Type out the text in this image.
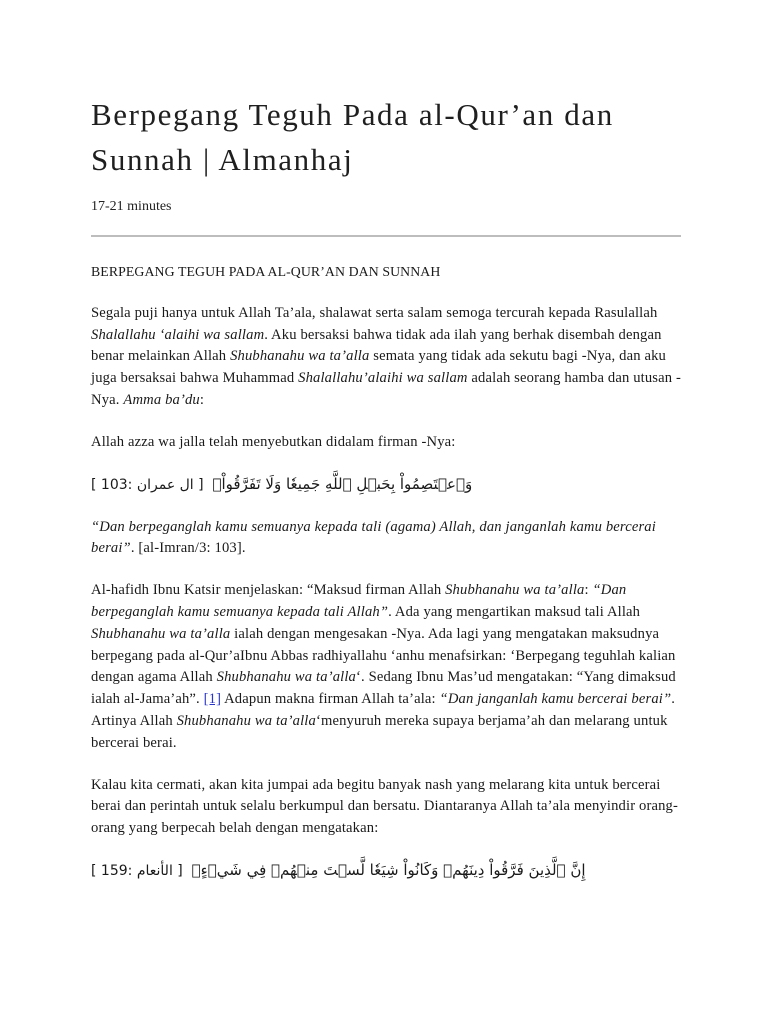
Berpegang Teguh Pada al-Qur’an dan Sunnah | Almanhaj
17-21 minutes

BERPEGANG TEGUH PADA AL-QUR’AN DAN SUNNAH

Segala puji hanya untuk Allah Ta’ala, shalawat serta salam semoga tercurah kepada Rasulallah Shalallahu ‘alaihi wa sallam. Aku bersaksi bahwa tidak ada ilah yang berhak disembah dengan benar melainkan Allah Shubhanahu wa ta’alla semata yang tidak ada sekutu bagi -Nya, dan aku juga bersaksai bahwa Muhammad Shalallahu’alaihi wa sallam adalah seorang hamba dan utusan -Nya. Amma ba’du:

Allah azza wa jalla telah menyebutkan didalam firman -Nya:

[ 103: ال عمران ] وَٱعۡتَصِمُواْ بِحَبۡلِ ٱللَّهِ جَمِيعٗا وَلَا تَفَرَّقُواْۚ

“Dan berpeganglah kamu semuanya kepada tali (agama) Allah, dan janganlah kamu bercerai berai”. [al-Imran/3: 103].

Al-hafidh Ibnu Katsir menjelaskan: “Maksud firman Allah Shubhanahu wa ta’alla: “Dan berpeganglah kamu semuanya kepada tali Allah”. Ada yang mengartikan maksud tali Allah Shubhanahu wa ta’alla ialah dengan mengesakan -Nya. Ada lagi yang mengatakan maksudnya berpegang pada al-Qur’aIbnu Abbas radhiyallahu ‘anhu menafsirkan: ‘Berpegang teguhlah kalian dengan agama Allah Shubhanahu wa ta’alla‘. Sedang Ibnu Mas’ud mengatakan: “Yang dimaksud ialah al-Jama’ah”. [1] Adapun makna firman Allah ta’ala: “Dan janganlah kamu bercerai berai”. Artinya Allah Shubhanahu wa ta’alla‘menyuruh mereka supaya berjama’ah dan melarang untuk bercerai berai.

Kalau kita cermati, akan kita jumpai ada begitu banyak nash yang melarang kita untuk bercerai berai dan perintah untuk selalu berkumpul dan bersatu. Diantaranya Allah ta’ala menyindir orang-orang yang berpecah belah dengan mengatakan:

[ 159: الأنعام ] إِنَّ ٱلَّذِينَ فَرَّقُواْ دِينَهُمۡ وَكَانُواْ شِيَعٗا لَّسۡتَ مِنۡهُمۡ فِي شَيۡءٍۚ
